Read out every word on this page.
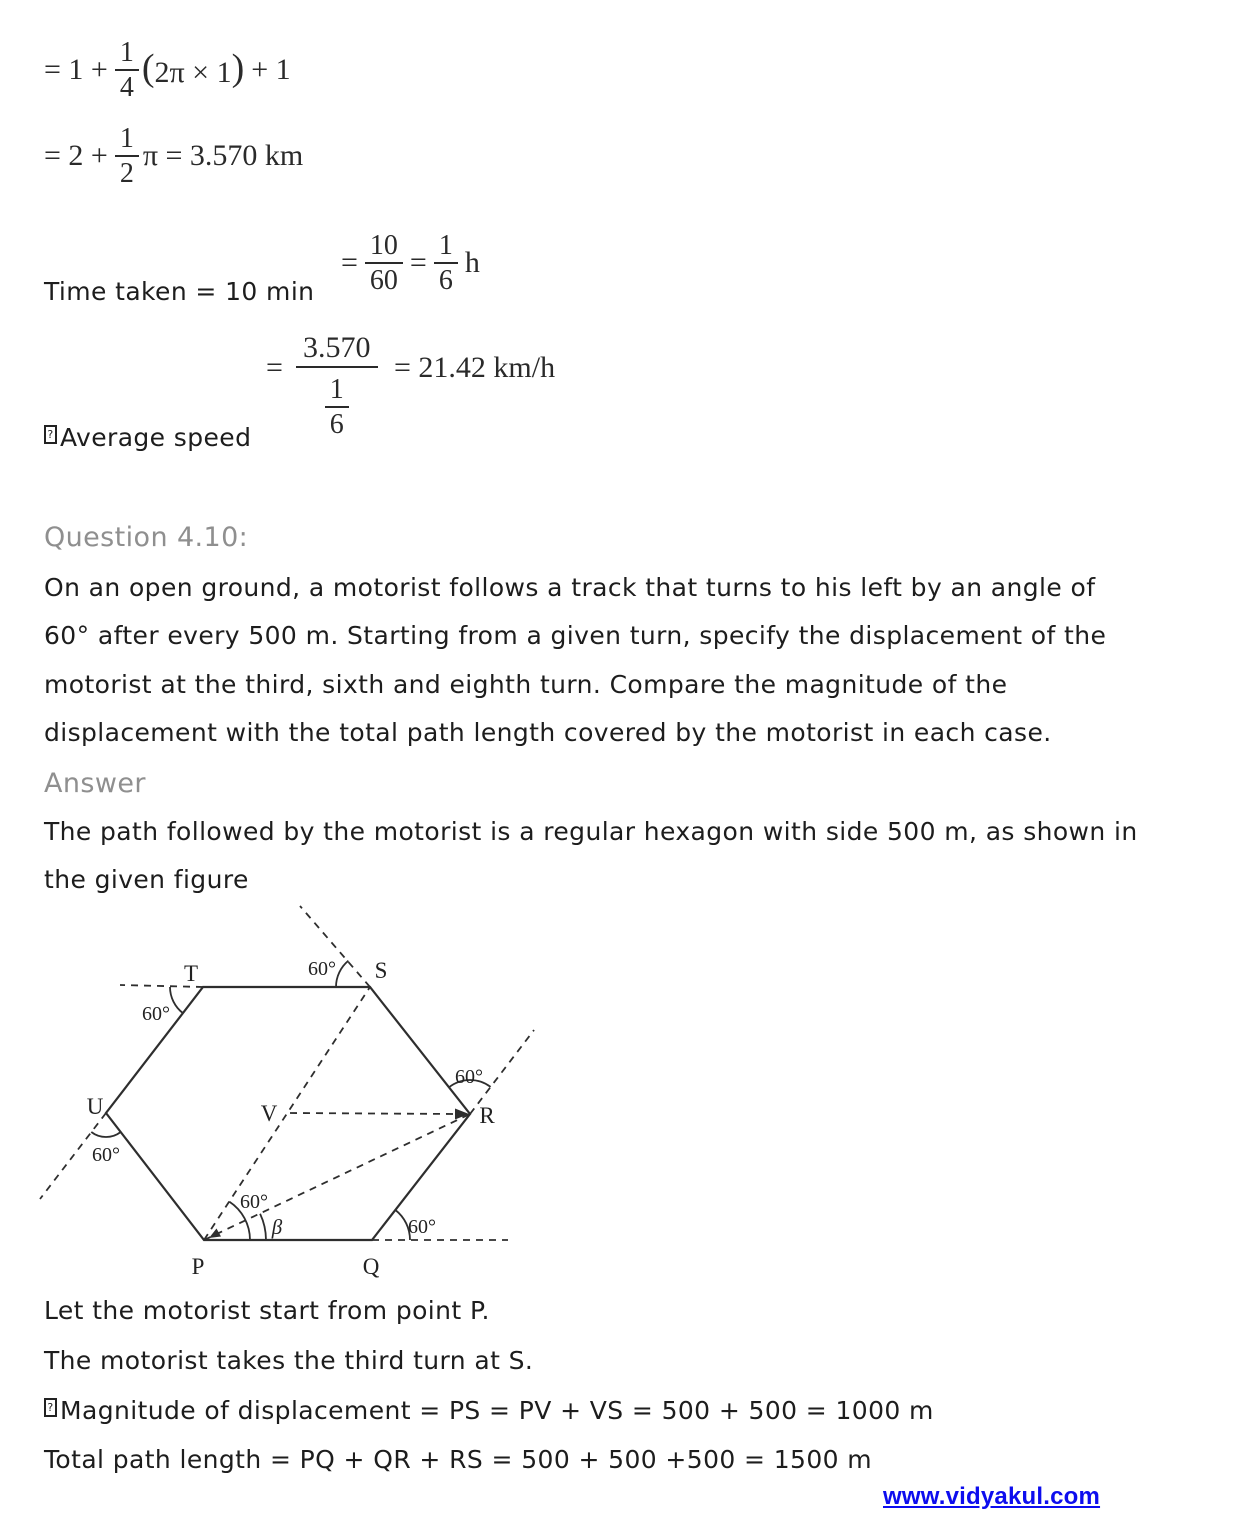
= $1 + \frac{1}{4} (2\pi \times 1) + 1$
= $2 + \frac{1}{2}$ π = 3.570 km
Time taken = 10 min
= $\frac{10}{60} = \frac{1}{6}$ h
? Average speed
=
3.570
$\frac{1}{6}$
= 21.42 km/h
Question 4.10:
On an open ground, a motorist follows a track that turns to his left by an angle of
60° after every 500 m. Starting from a given turn, specify the displacement of the
motorist at the third, sixth and eighth turn. Compare the magnitude of the
displacement with the total path length covered by the motorist in each case.
Answer
The path followed by the motorist is a regular hexagon with side 500 m, as shown in
the given figure
T	S
U	R
V
P	Q
60°
60°
60°
60°
60°
60°
β
Let the motorist start from point P.
The motorist takes the third turn at S.
? Magnitude of displacement = PS = PV + VS = 500 + 500 = 1000 m
Total path length = PQ + QR + RS = 500 + 500 +500 = 1500 m
www.vidyakul.com
